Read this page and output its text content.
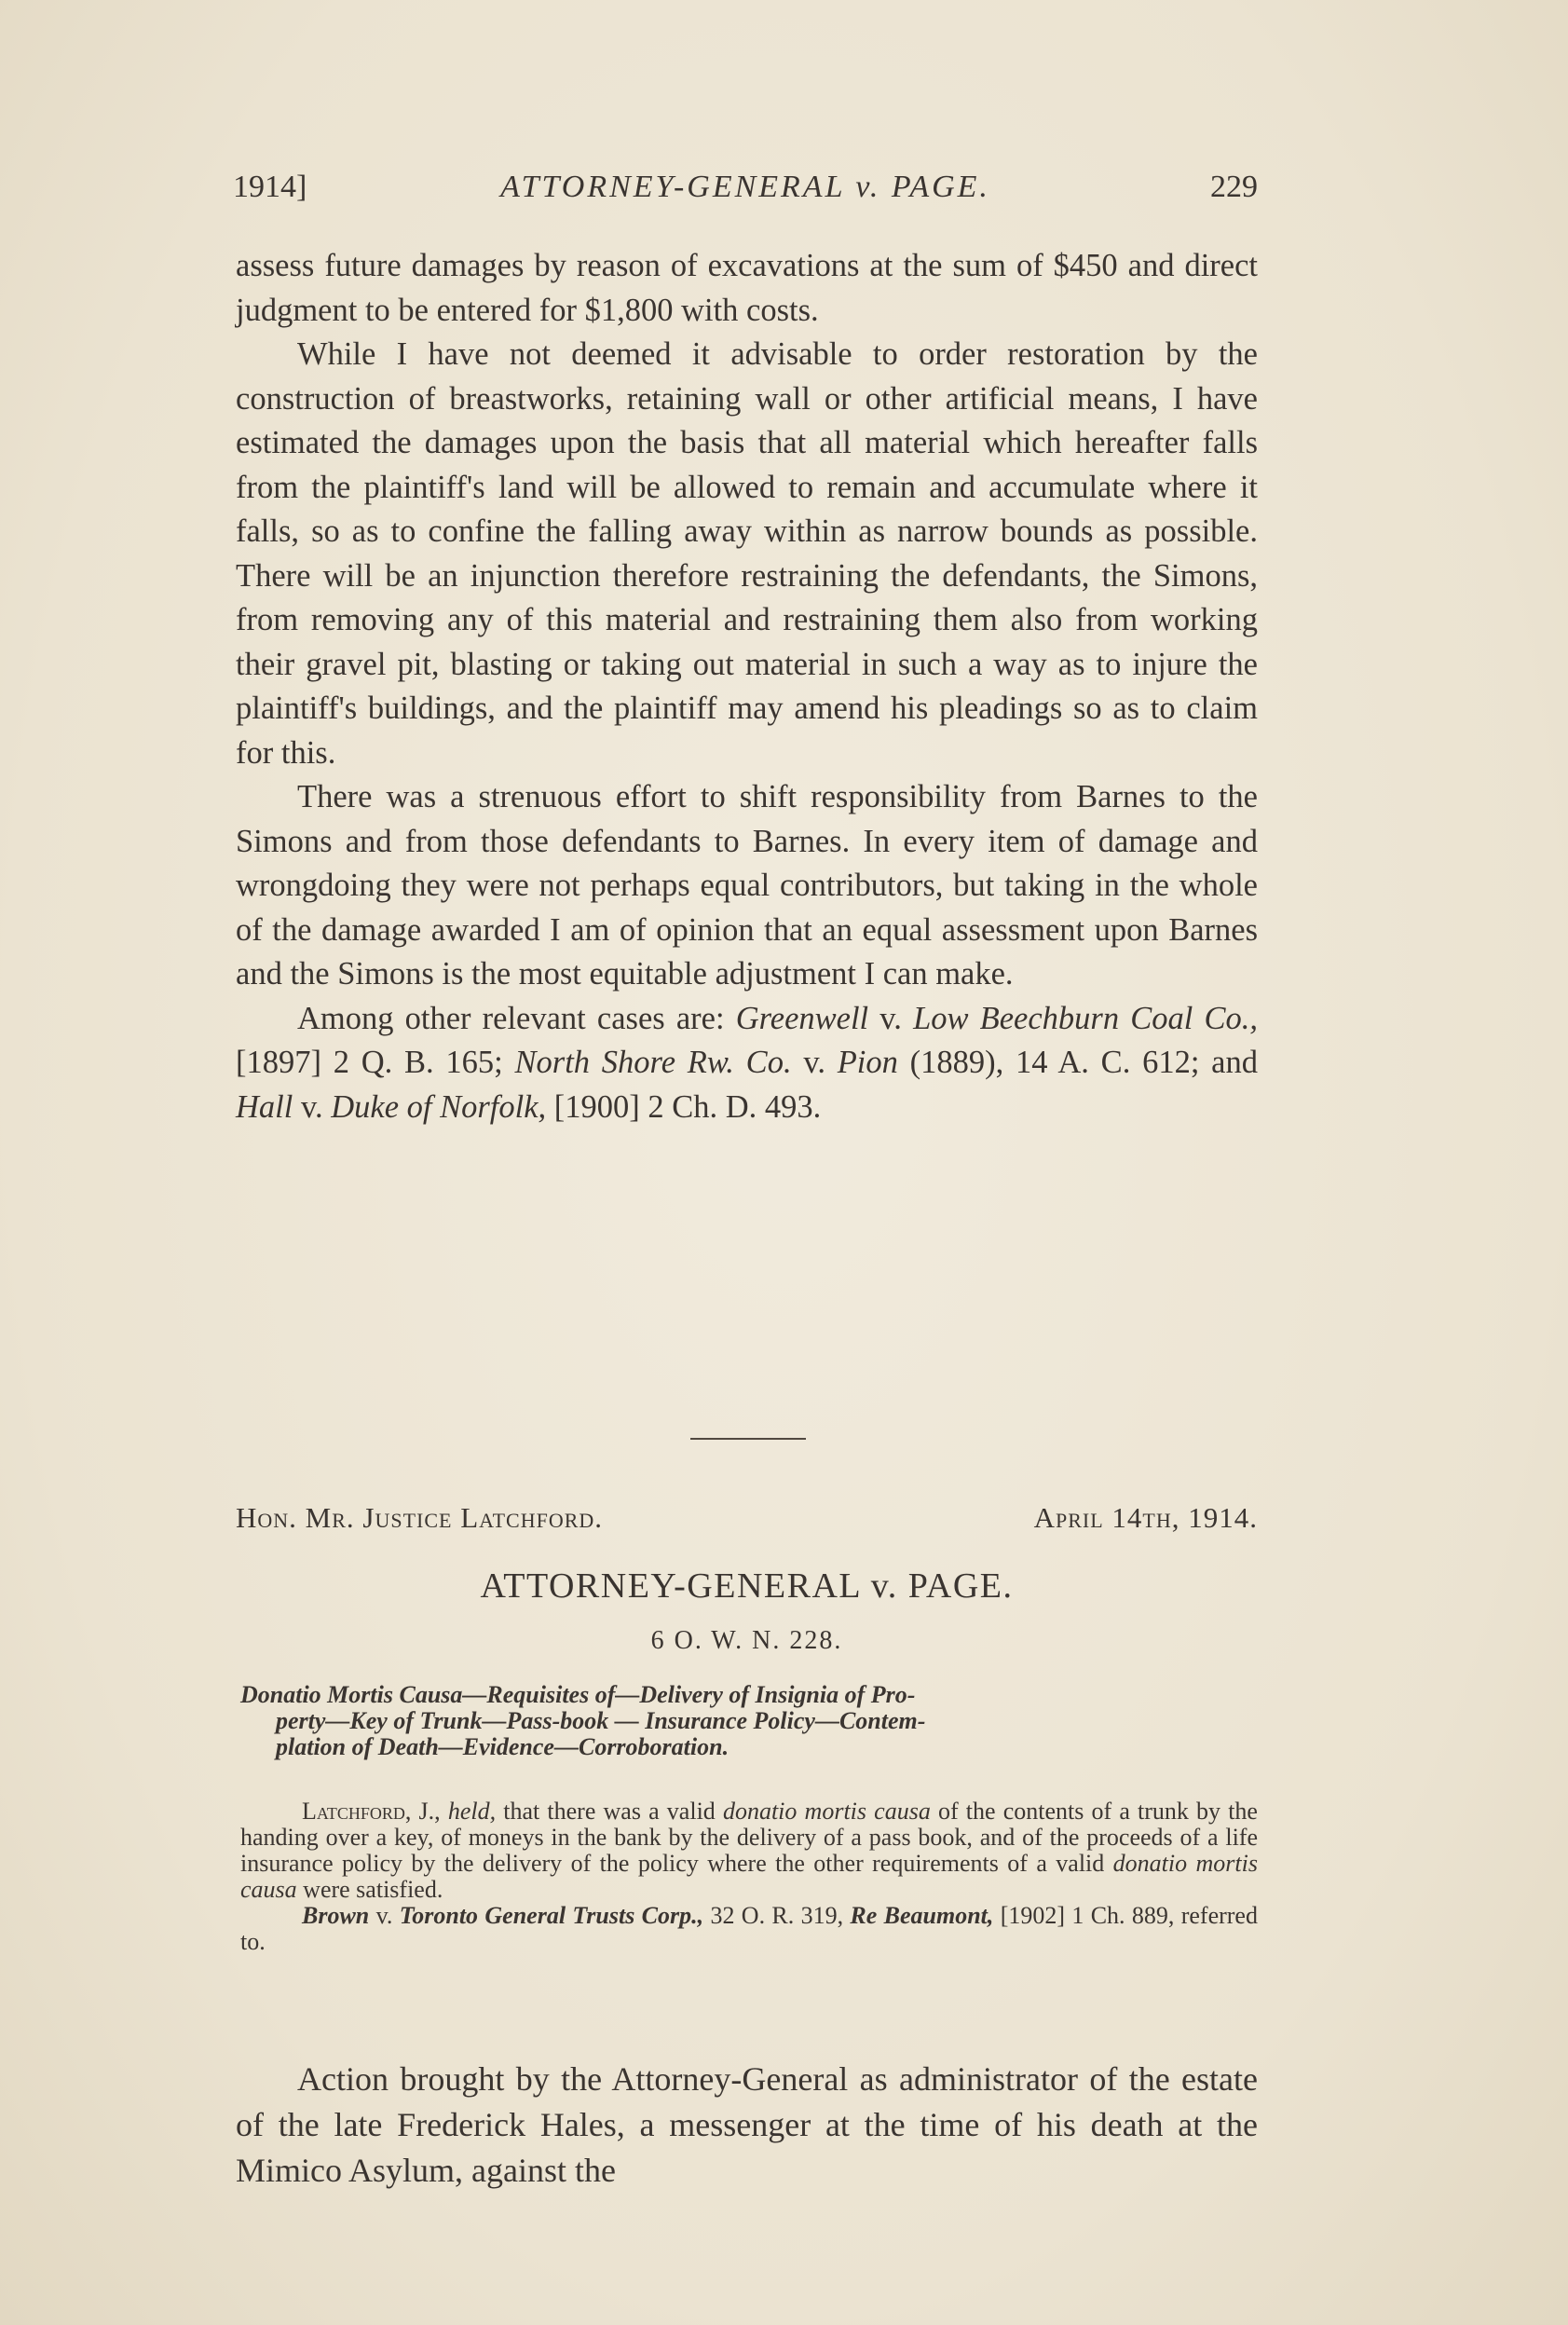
1914]	ATTORNEY-GENERAL v. PAGE.	229

assess future damages by reason of excavations at the sum of $450 and direct judgment to be entered for $1,800 with costs.

While I have not deemed it advisable to order restoration by the construction of breastworks, retaining wall or other artificial means, I have estimated the damages upon the basis that all material which hereafter falls from the plaintiff's land will be allowed to remain and accumulate where it falls, so as to confine the falling away within as narrow bounds as possible. There will be an injunction therefore restraining the defendants, the Simons, from removing any of this material and restraining them also from working their gravel pit, blasting or taking out material in such a way as to injure the plaintiff's buildings, and the plaintiff may amend his pleadings so as to claim for this.

There was a strenuous effort to shift responsibility from Barnes to the Simons and from those defendants to Barnes. In every item of damage and wrongdoing they were not perhaps equal contributors, but taking in the whole of the damage awarded I am of opinion that an equal assessment upon Barnes and the Simons is the most equitable adjustment I can make.

Among other relevant cases are: Greenwell v. Low Beechburn Coal Co., [1897] 2 Q. B. 165; North Shore Rw. Co. v. Pion (1889), 14 A. C. 612; and Hall v. Duke of Norfolk, [1900] 2 Ch. D. 493.

Hon. Mr. Justice Latchford.	April 14th, 1914.
ATTORNEY-GENERAL v. PAGE.
6 O. W. N. 228.
Donatio Mortis Causa—Requisites of—Delivery of Insignia of Pro-
perty—Key of Trunk—Pass-book — Insurance Policy—Contem-
plation of Death—Evidence—Corroboration.

Latchford, J., held, that there was a valid donatio mortis causa of the contents of a trunk by the handing over a key, of moneys in the bank by the delivery of a pass book, and of the proceeds of a life insurance policy by the delivery of the policy where the other requirements of a valid donatio mortis causa were satisfied.

Brown v. Toronto General Trusts Corp., 32 O. R. 319, Re Beaumont, [1902] 1 Ch. 889, referred to.

Action brought by the Attorney-General as administrator of the estate of the late Frederick Hales, a messenger at the time of his death at the Mimico Asylum, against the
